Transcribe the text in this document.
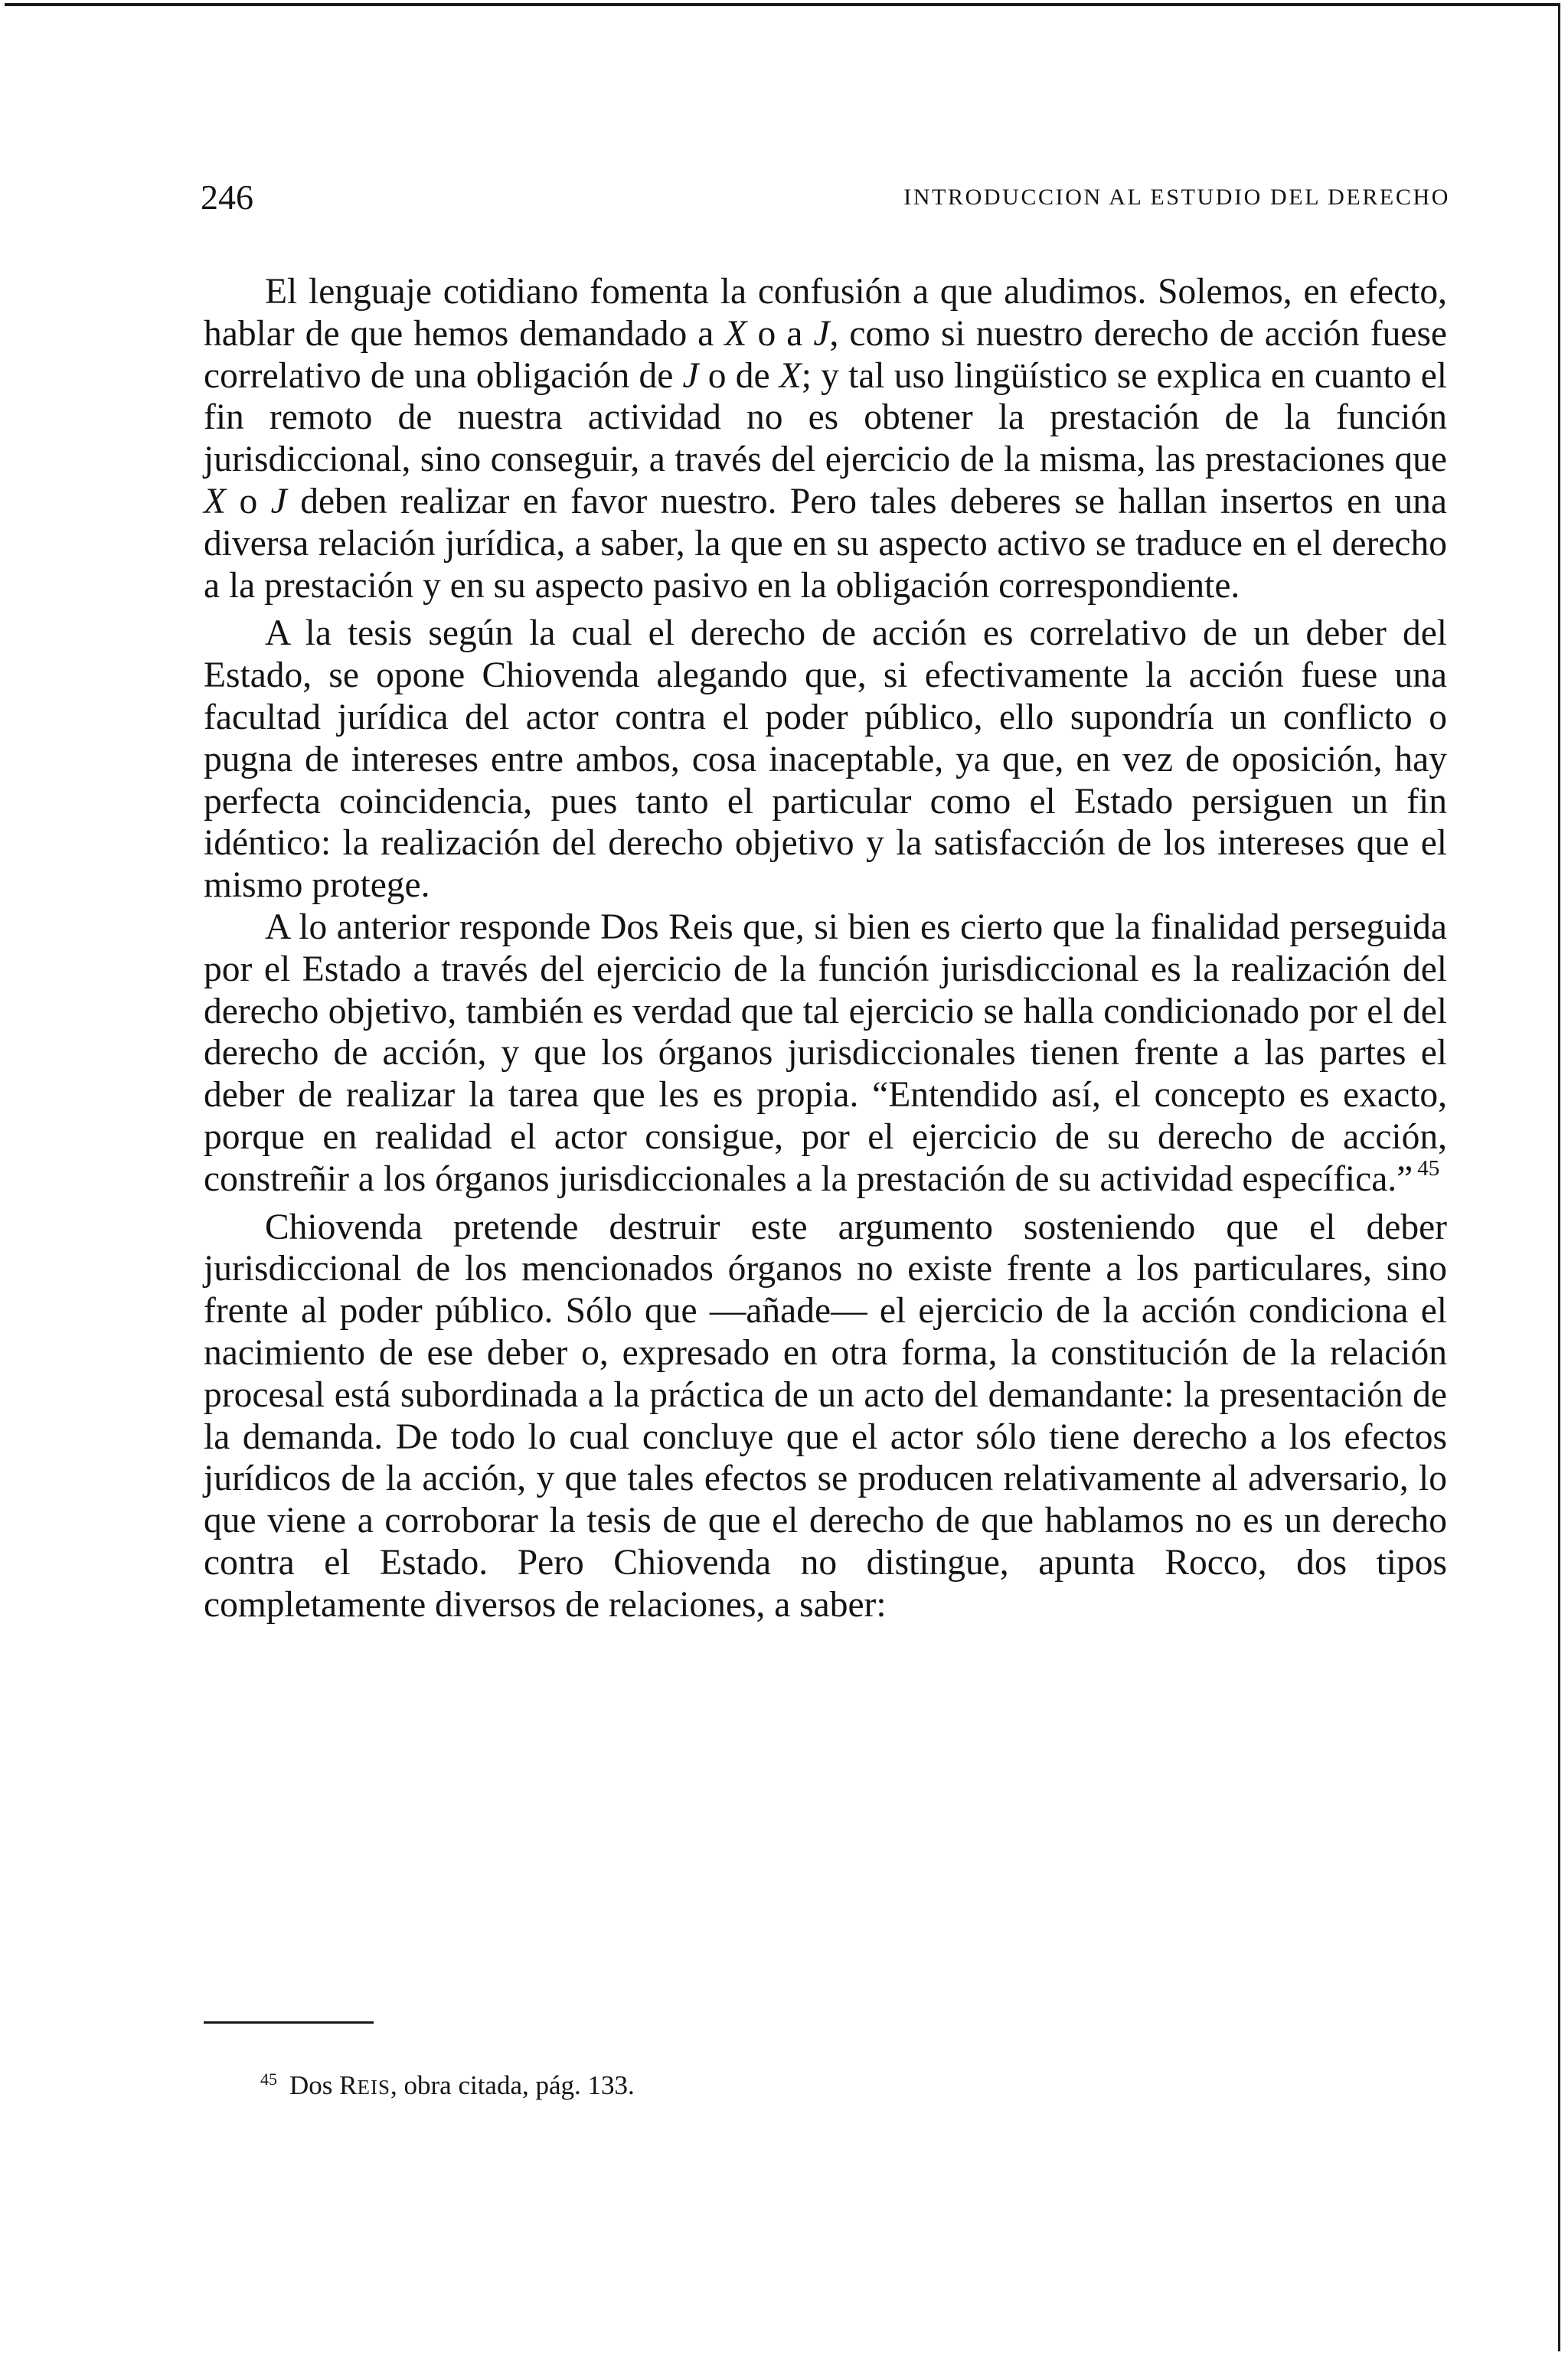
246	INTRODUCCION AL ESTUDIO DEL DERECHO

El lenguaje cotidiano fomenta la confusión a que aludimos. Solemos, en efecto, hablar de que hemos demandado a X o a J, como si nuestro derecho de acción fuese correlativo de una obligación de J o de X; y tal uso lingüístico se explica en cuanto el fin remoto de nuestra actividad no es obtener la prestación de la función jurisdiccional, sino conseguir, a través del ejercicio de la misma, las prestaciones que X o J deben realizar en favor nuestro. Pero tales deberes se hallan insertos en una diversa relación jurídica, a saber, la que en su aspecto activo se traduce en el derecho a la prestación y en su aspecto pasivo en la obligación correspondiente.

A la tesis según la cual el derecho de acción es correlativo de un deber del Estado, se opone Chiovenda alegando que, si efectivamente la acción fuese una facultad jurídica del actor contra el poder público, ello supondría un conflicto o pugna de intereses entre ambos, cosa inaceptable, ya que, en vez de oposición, hay perfecta coincidencia, pues tanto el particular como el Estado persiguen un fin idéntico: la realización del derecho objetivo y la satisfacción de los intereses que el mismo protege.

A lo anterior responde Dos Reis que, si bien es cierto que la finalidad perseguida por el Estado a través del ejercicio de la función jurisdiccional es la realización del derecho objetivo, también es verdad que tal ejercicio se halla condicionado por el del derecho de acción, y que los órganos jurisdiccionales tienen frente a las partes el deber de realizar la tarea que les es propia. “Entendido así, el concepto es exacto, porque en realidad el actor consigue, por el ejercicio de su derecho de acción, constreñir a los órganos jurisdiccionales a la prestación de su actividad específica.” $^{45}$

Chiovenda pretende destruir este argumento sosteniendo que el deber jurisdiccional de los mencionados órganos no existe frente a los particulares, sino frente al poder público. Sólo que —añade— el ejercicio de la acción condiciona el nacimiento de ese deber o, expresado en otra forma, la constitución de la relación procesal está subordinada a la práctica de un acto del demandante: la presentación de la demanda. De todo lo cual concluye que el actor sólo tiene derecho a los efectos jurídicos de la acción, y que tales efectos se producen relativamente al adversario, lo que viene a corroborar la tesis de que el derecho de que hablamos no es un derecho contra el Estado. Pero Chiovenda no distingue, apunta Rocco, dos tipos completamente diversos de relaciones, a saber:

$^{45}$ Dos REIS, obra citada, pág. 133.
